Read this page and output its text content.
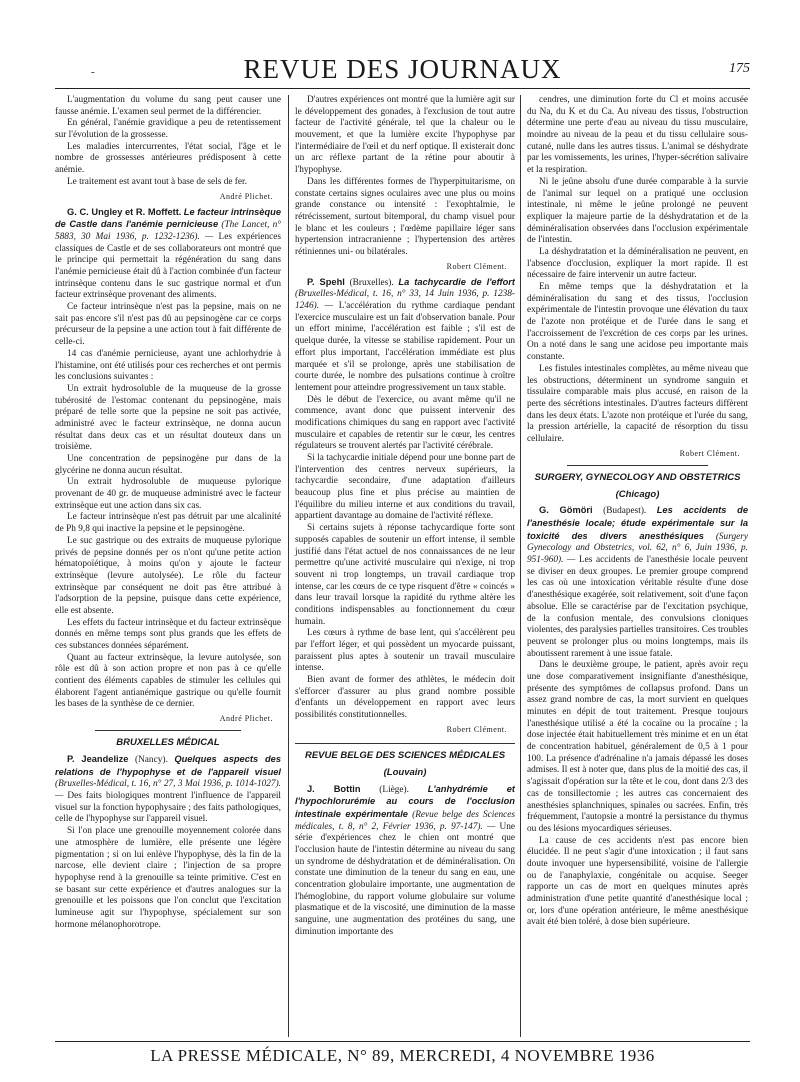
-	REVUE DES JOURNAUX	175

L'augmentation du volume du sang peut causer une fausse anémie. L'examen seul permet de la différencier.

En général, l'anémie gravidique a peu de retentissement sur l'évolution de la grossesse.

Les maladies intercurrentes, l'état social, l'âge et le nombre de grossesses antérieures prédisposent à cette anémie.

Le traitement est avant tout à base de sels de fer.

André Plichet.

G. C. Ungley et R. Moffett. Le facteur intrinsèque de Castle dans l'anémie pernicieuse (The Lancet, n° 5883, 30 Mai 1936, p. 1232-1236). — Les expériences classiques de Castle et de ses collaborateurs ont montré que le principe qui permettait la régénération du sang dans l'anémie pernicieuse était dû à l'action combinée d'un facteur intrinsèque contenu dans le suc gastrique normal et d'un facteur extrinsèque provenant des aliments.

Ce facteur intrinsèque n'est pas la pepsine, mais on ne sait pas encore s'il n'est pas dû au pepsinogène car ce corps précurseur de la pepsine a une action tout à fait différente de celle-ci.

14 cas d'anémie pernicieuse, ayant une achlorhydrie à l'histamine, ont été utilisés pour ces recherches et ont permis les conclusions suivantes :

Un extrait hydrosoluble de la muqueuse de la grosse tubérosité de l'estomac contenant du pepsinogène, mais préparé de telle sorte que la pepsine ne soit pas activée, administré avec le facteur extrinsèque, ne donna aucun résultat dans deux cas et un résultat douteux dans un troisième.

Une concentration de pepsinogène pur dans de la glycérine ne donna aucun résultat.

Un extrait hydrosoluble de muqueuse pylorique provenant de 40 gr. de muqueuse administré avec le facteur extrinsèque eut une action dans six cas.

Le facteur intrinsèque n'est pas détruit par une alcalinité de Ph 9,8 qui inactive la pepsine et le pepsinogène.

Le suc gastrique ou des extraits de muqueuse pylorique privés de pepsine donnés per os n'ont qu'une petite action hématopoïétique, à moins qu'on y ajoute le facteur extrinsèque (levure autolysée). Le rôle du facteur extrinsèque par conséquent ne doit pas être attribué à l'adsorption de la pepsine, puisque dans cette expérience, elle est absente.

Les effets du facteur intrinsèque et du facteur extrinsèque donnés en même temps sont plus grands que les effets de ces substances données séparément.

Quant au facteur extrinsèque, la levure autolysée, son rôle est dû à son action propre et non pas à ce qu'elle contient des éléments capables de stimuler les cellules qui élaborent l'agent antianémique gastrique ou qu'elle fournit les bases de la synthèse de ce dernier.

André Plichet.
BRUXELLES MÉDICAL

P. Jeandelize (Nancy). Quelques aspects des relations de l'hypophyse et de l'appareil visuel (Bruxelles-Médical, t. 16, n° 27, 3 Mai 1936, p. 1014-1027). — Des faits biologiques montrent l'influence de l'appareil visuel sur la fonction hypophysaire ; des faits pathologiques, celle de l'hypophyse sur l'appareil visuel.

Si l'on place une grenouille moyennement colorée dans une atmosphère de lumière, elle présente une légère pigmentation ; si on lui enlève l'hypophyse, dès la fin de la narcose, elle devient claire ; l'injection de sa propre hypophyse rend à la grenouille sa teinte primitive. C'est en se basant sur cette expérience et d'autres analogues sur la grenouille et les poissons que l'on conclut que l'excitation lumineuse agit sur l'hypophyse, spécialement sur son hormone mélanophorotrope.

D'autres expériences ont montré que la lumière agit sur le développement des gonades, à l'exclusion de tout autre facteur de l'activité générale, tel que la chaleur ou le mouvement, et que la lumière excite l'hypophyse par l'intermédiaire de l'œil et du nerf optique. Il existerait donc un arc réflexe partant de la rétine pour aboutir à l'hypophyse.

Dans les différentes formes de l'hyperpituitarisme, on constate certains signes oculaires avec une plus ou moins grande constance ou intensité : l'exophtalmie, le rétrécissement, surtout bitemporal, du champ visuel pour le blanc et les couleurs ; l'œdème papillaire léger sans hypertension intracranienne ; l'hypertension des artères rétiniennes uni- ou bilatérales.

Robert Clément.

P. Spehl (Bruxelles). La tachycardie de l'effort (Bruxelles-Médical, t. 16, n° 33, 14 Juin 1936, p. 1238-1246). — L'accélération du rythme cardiaque pendant l'exercice musculaire est un fait d'observation banale. Pour un effort minime, l'accélération est faible ; s'il est de quelque durée, la vitesse se stabilise rapidement. Pour un effort plus important, l'accélération immédiate est plus marquée et s'il se prolonge, après une stabilisation de courte durée, le nombre des pulsations continue à croître lentement pour atteindre progressivement un taux stable.

Dès le début de l'exercice, ou avant même qu'il ne commence, avant donc que puissent intervenir des modifications chimiques du sang en rapport avec l'activité musculaire et capables de retentir sur le cœur, les centres régulateurs se trouvent alertés par l'activité cérébrale.

Si la tachycardie initiale dépend pour une bonne part de l'intervention des centres nerveux supérieurs, la tachycardie secondaire, d'une adaptation d'ailleurs beaucoup plus fine et plus précise au maintien de l'équilibre du milieu interne et aux conditions du travail, appartient davantage au domaine de l'activité réflexe.

Si certains sujets à réponse tachycardique forte sont supposés capables de soutenir un effort intense, il semble justifié dans l'état actuel de nos connaissances de ne leur permettre qu'une activité musculaire qui n'exige, ni trop souvent ni trop longtemps, un travail cardiaque trop intense, car les cœurs de ce type risquent d'être « coincés » dans leur travail lorsque la rapidité du rythme altère les conditions indispensables au fonctionnement du cœur humain.

Les cœurs à rythme de base lent, qui s'accélèrent peu par l'effort léger, et qui possèdent un myocarde puissant, paraissent plus aptes à soutenir un travail musculaire intense.

Bien avant de former des athlètes, le médecin doit s'efforcer d'assurer au plus grand nombre possible d'enfants un développement en rapport avec leurs possibilités constitutionnelles.

Robert Clément.
REVUE BELGE DES SCIENCES MÉDICALES
(Louvain)

J. Bottin (Liège). L'anhydrémie et l'hypochlorurémie au cours de l'occlusion intestinale expérimentale (Revue belge des Sciences médicales, t. 8, n° 2, Février 1936, p. 97-147). — Une série d'expériences chez le chien ont montré que l'occlusion haute de l'intestin détermine au niveau du sang un syndrome de déshydratation et de déminéralisation. On constate une diminution de la teneur du sang en eau, une concentration globulaire importante, une augmentation de l'hémoglobine, du rapport volume globulaire sur volume plasmatique et de la viscosité, une diminution de la masse sanguine, une augmentation des protéines du sang, une diminution importante des

cendres, une diminution forte du Cl et moins accusée du Na, du K et du Ca. Au niveau des tissus, l'obstruction détermine une perte d'eau au niveau du tissu musculaire, moindre au niveau de la peau et du tissu cellulaire sous-cutané, nulle dans les autres tissus. L'animal se déshydrate par les vomissements, les urines, l'hyper-sécrétion salivaire et la respiration.

Ni le jeûne absolu d'une durée comparable à la survie de l'animal sur lequel on a pratiqué une occlusion intestinale, ni même le jeûne prolongé ne peuvent expliquer la majeure partie de la déshydratation et de la déminéralisation observées dans l'occlusion expérimentale de l'intestin.

La déshydratation et la déminéralisation ne peuvent, en l'absence d'occlusion, expliquer la mort rapide. Il est nécessaire de faire intervenir un autre facteur.

En même temps que la déshydratation et la déminéralisation du sang et des tissus, l'occlusion expérimentale de l'intestin provoque une élévation du taux de l'azote non protéique et de l'urée dans le sang et l'accroissement de l'excrétion de ces corps par les urines. On a noté dans le sang une acidose peu importante mais constante.

Les fistules intestinales complètes, au même niveau que les obstructions, déterminent un syndrome sanguin et tissulaire comparable mais plus accusé, en raison de la perte des sécrétions intestinales. D'autres facteurs diffèrent dans les deux états. L'azote non protéique et l'urée du sang, la pression artérielle, la capacité de résorption du tissu cellulaire.

Robert Clément.
SURGERY, GYNECOLOGY AND OBSTETRICS
(Chicago)

G. Gömöri (Budapest). Les accidents de l'anesthésie locale; étude expérimentale sur la toxicité des divers anesthésiques (Surgery Gynecology and Obstetrics, vol. 62, n° 6, Juin 1936, p. 951-960). — Les accidents de l'anesthésie locale peuvent se diviser en deux groupes. Le premier groupe comprend les cas où une intoxication véritable résulte d'une dose d'anesthésique exagérée, soit relativement, soit d'une façon absolue. Elle se caractérise par de l'excitation psychique, de la confusion mentale, des convulsions cloniques violentes, des paralysies partielles transitoires. Ces troubles peuvent se prolonger plus ou moins longtemps, mais ils aboutissent rarement à une issue fatale.

Dans le deuxième groupe, le patient, après avoir reçu une dose comparativement insignifiante d'anesthésique, présente des symptômes de collapsus profond. Dans un assez grand nombre de cas, la mort survient en quelques minutes en dépit de tout traitement. Presque toujours l'anesthésique utilisé a été la cocaïne ou la procaïne ; la dose injectée était habituellement très minime et en un état de concentration habituel, généralement de 0,5 à 1 pour 100. La présence d'adrénaline n'a jamais dépassé les doses admises. Il est à noter que, dans plus de la moitié des cas, il s'agissait d'opération sur la tête et le cou, dont dans 2/3 des cas de tonsillectomie ; les autres cas concernaient des anesthésies splanchniques, spinales ou sacrées. Enfin, très fréquemment, l'autopsie a montré la persistance du thymus ou des lésions myocardiques sérieuses.

La cause de ces accidents n'est pas encore bien élucidée. Il ne peut s'agir d'une intoxication ; il faut sans doute invoquer une hypersensibilité, voisine de l'allergie ou de l'anaphylaxie, congénitale ou acquise. Seeger rapporte un cas de mort en quelques minutes après administration d'une petite quantité d'anesthésique local ; or, lors d'une opération antérieure, le même anesthésique avait été bien toléré, à dose bien supérieure.

LA PRESSE MÉDICALE, N° 89, MERCREDI, 4 NOVEMBRE 1936
